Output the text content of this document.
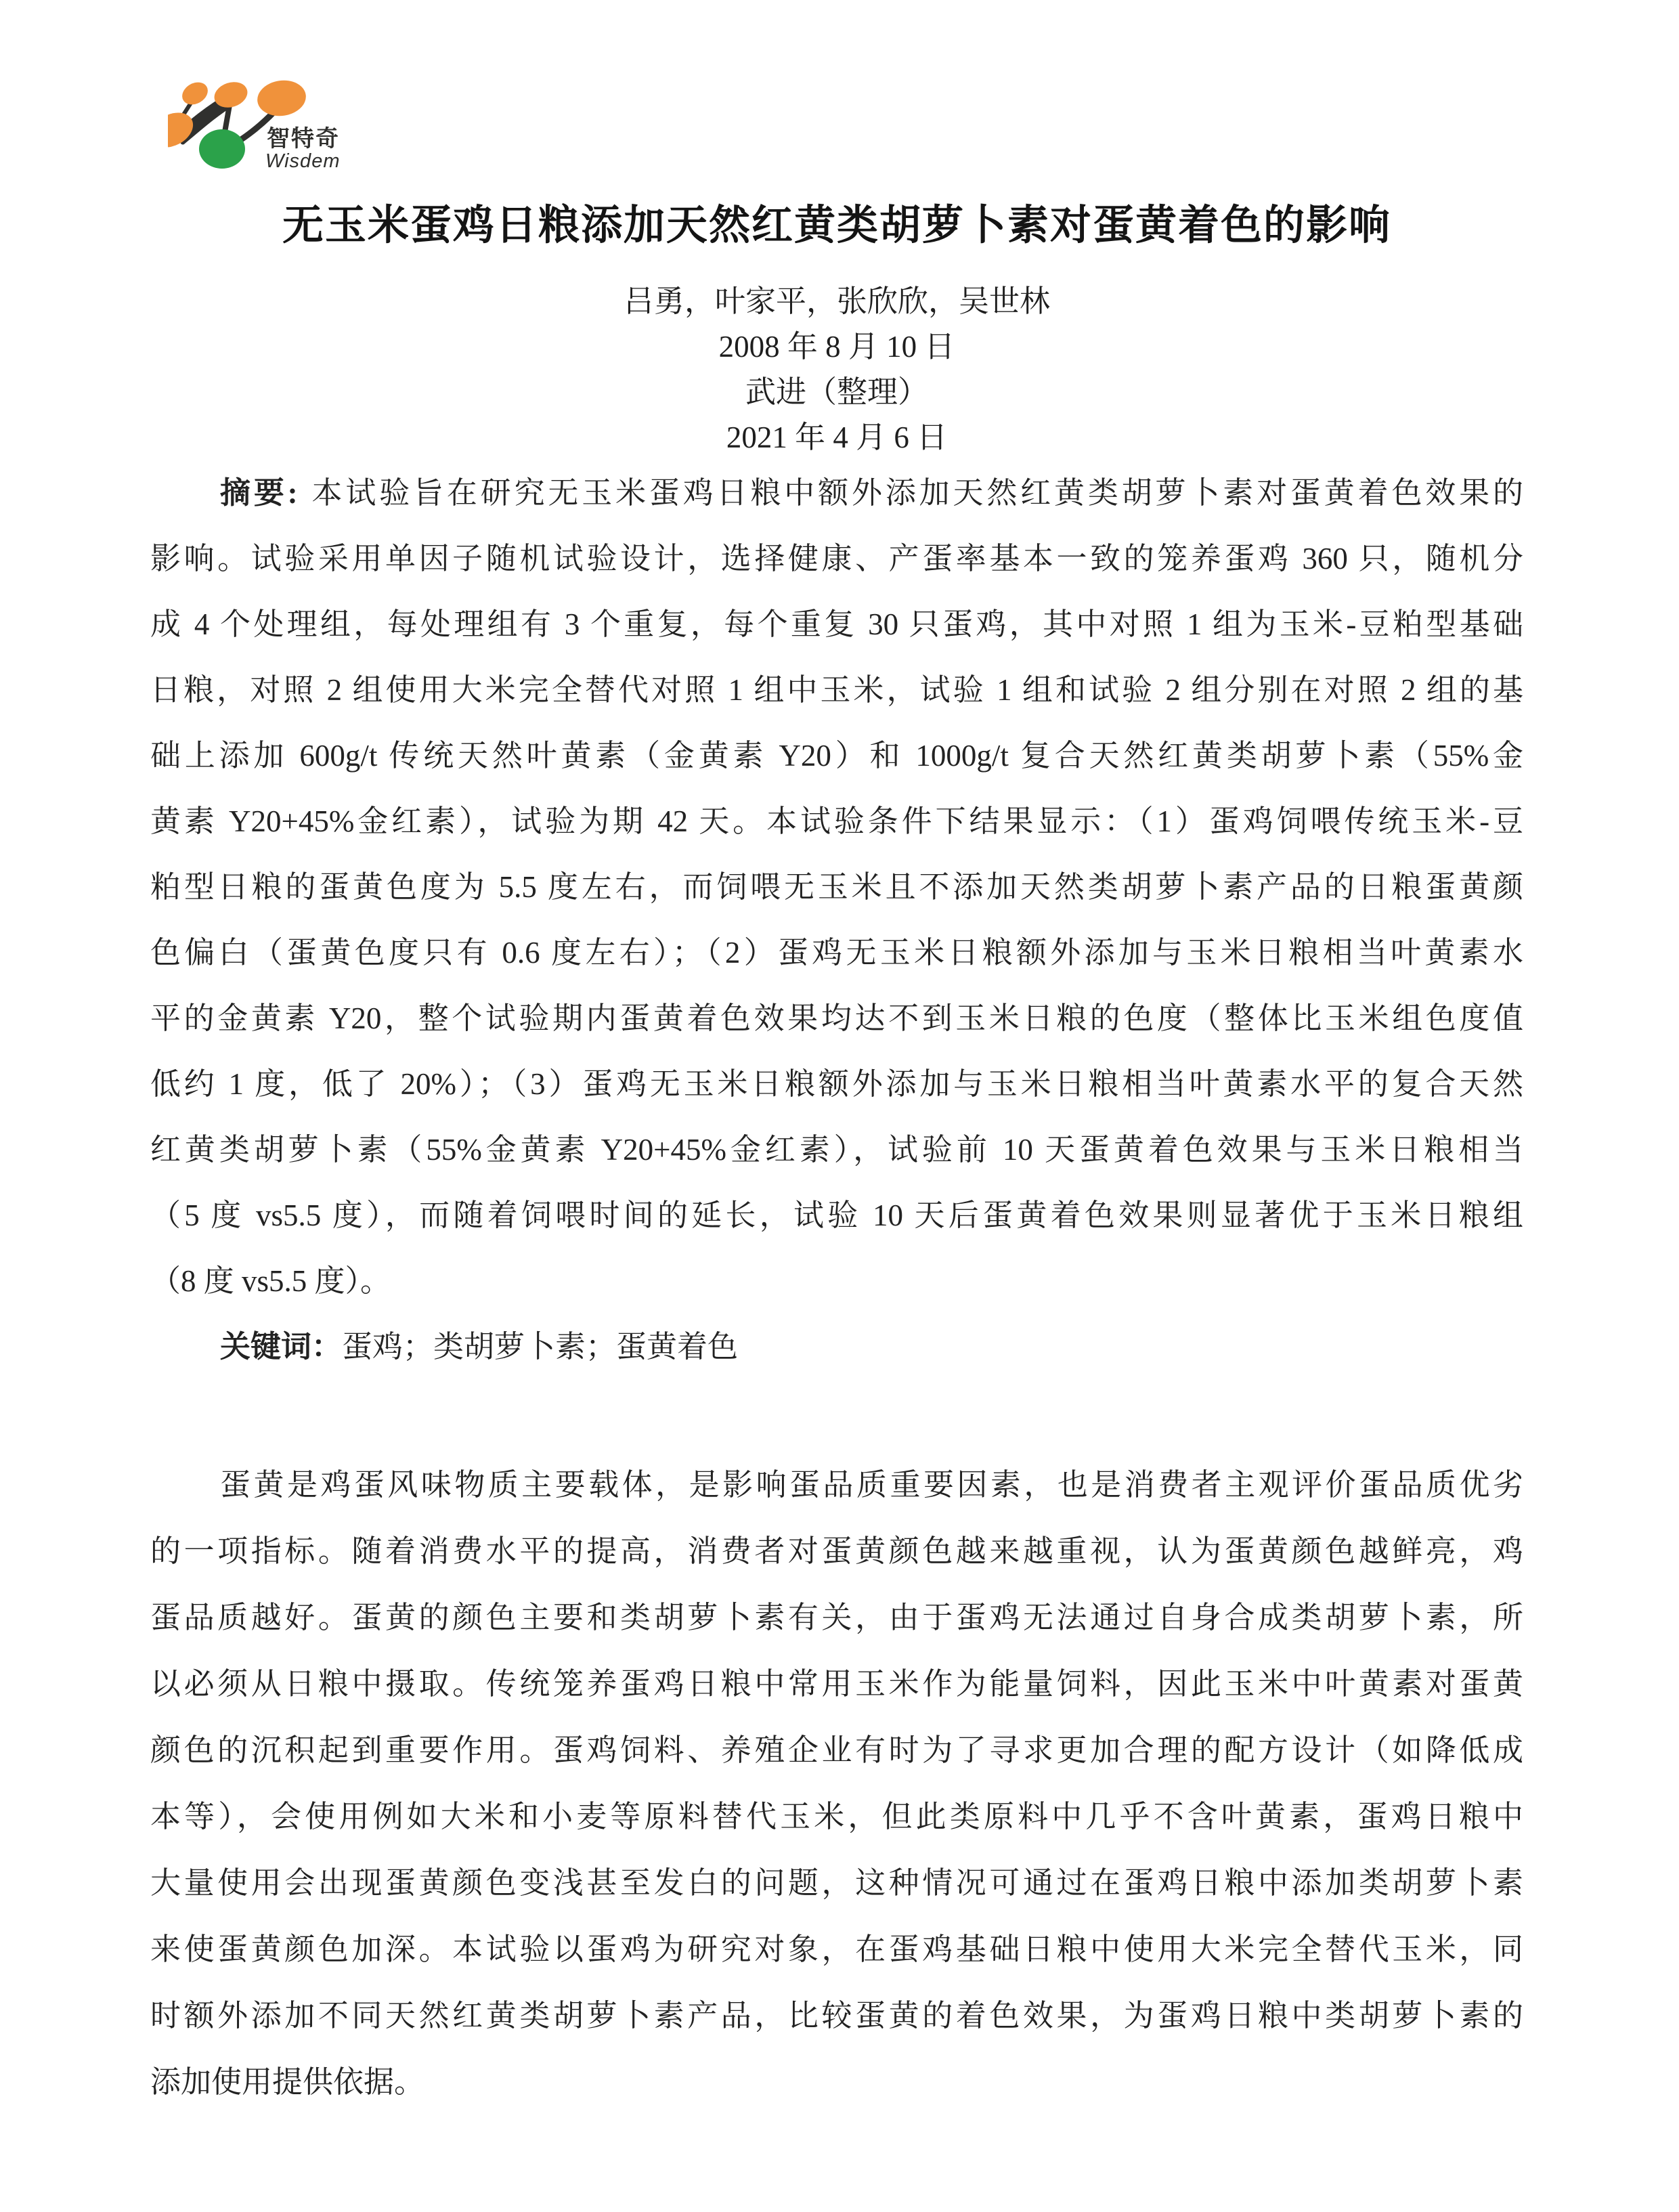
智特奇
Wisdem
无玉米蛋鸡日粮添加天然红黄类胡萝卜素对蛋黄着色的影响
吕勇，叶家平，张欣欣，吴世林
2008 年 8 月 10 日
武进（整理）
2021 年 4 月 6 日
摘要: 本试验旨在研究无玉米蛋鸡日粮中额外添加天然红黄类胡萝卜素对蛋黄着色效果的
影响。试验采用单因子随机试验设计，选择健康、产蛋率基本一致的笼养蛋鸡 360 只，随机分
成 4 个处理组，每处理组有 3 个重复，每个重复 30 只蛋鸡，其中对照 1 组为玉米-豆粕型基础
日粮，对照 2 组使用大米完全替代对照 1 组中玉米，试验 1 组和试验 2 组分别在对照 2 组的基
础上添加 600g/t 传统天然叶黄素（金黄素 Y20）和 1000g/t 复合天然红黄类胡萝卜素（55%金
黄素 Y20+45%金红素），试验为期 42 天。本试验条件下结果显示：（1）蛋鸡饲喂传统玉米-豆
粕型日粮的蛋黄色度为 5.5 度左右，而饲喂无玉米且不添加天然类胡萝卜素产品的日粮蛋黄颜
色偏白（蛋黄色度只有 0.6 度左右）；（2）蛋鸡无玉米日粮额外添加与玉米日粮相当叶黄素水
平的金黄素 Y20，整个试验期内蛋黄着色效果均达不到玉米日粮的色度（整体比玉米组色度值
低约 1 度，低了 20%）；（3）蛋鸡无玉米日粮额外添加与玉米日粮相当叶黄素水平的复合天然
红黄类胡萝卜素（55%金黄素 Y20+45%金红素），试验前 10 天蛋黄着色效果与玉米日粮相当
（5 度 vs5.5 度），而随着饲喂时间的延长，试验 10 天后蛋黄着色效果则显著优于玉米日粮组
（8 度 vs5.5 度）。
关键词：蛋鸡；类胡萝卜素；蛋黄着色
蛋黄是鸡蛋风味物质主要载体，是影响蛋品质重要因素，也是消费者主观评价蛋品质优劣
的一项指标。随着消费水平的提高，消费者对蛋黄颜色越来越重视，认为蛋黄颜色越鲜亮，鸡
蛋品质越好。蛋黄的颜色主要和类胡萝卜素有关，由于蛋鸡无法通过自身合成类胡萝卜素，所
以必须从日粮中摄取。传统笼养蛋鸡日粮中常用玉米作为能量饲料，因此玉米中叶黄素对蛋黄
颜色的沉积起到重要作用。蛋鸡饲料、养殖企业有时为了寻求更加合理的配方设计（如降低成
本等），会使用例如大米和小麦等原料替代玉米，但此类原料中几乎不含叶黄素，蛋鸡日粮中
大量使用会出现蛋黄颜色变浅甚至发白的问题，这种情况可通过在蛋鸡日粮中添加类胡萝卜素
来使蛋黄颜色加深。本试验以蛋鸡为研究对象，在蛋鸡基础日粮中使用大米完全替代玉米，同
时额外添加不同天然红黄类胡萝卜素产品，比较蛋黄的着色效果，为蛋鸡日粮中类胡萝卜素的
添加使用提供依据。
